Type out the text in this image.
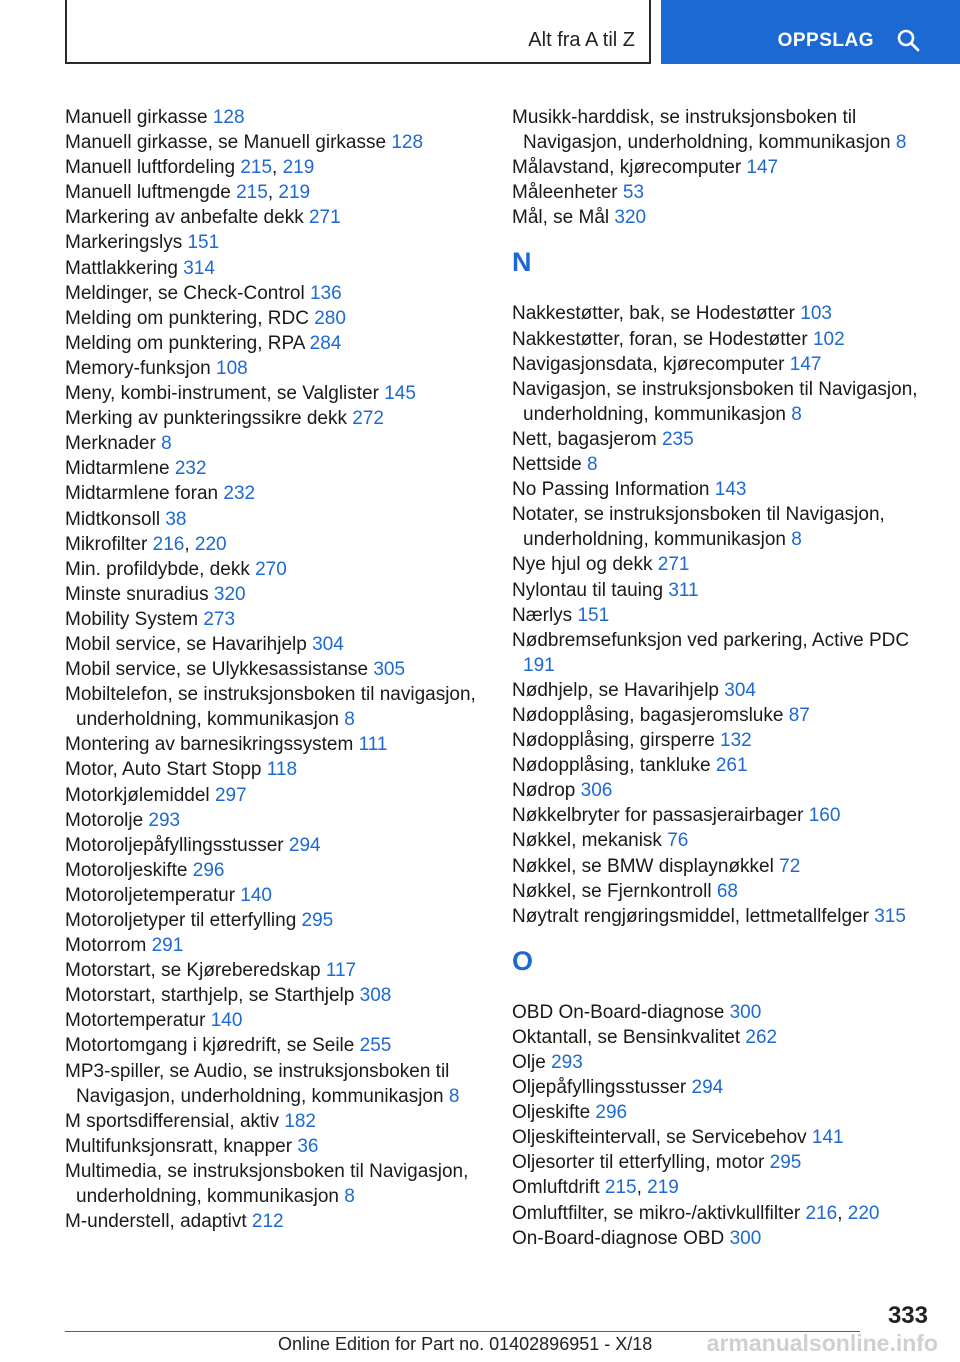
Alt fra A til Z	OPPSLAG
Manuell girkasse 128
Manuell girkasse, se Manuell girkasse 128
Manuell luftfordeling 215, 219
Manuell luftmengde 215, 219
Markering av anbefalte dekk 271
Markeringslys 151
Mattlakkering 314
Meldinger, se Check-Control 136
Melding om punktering, RDC 280
Melding om punktering, RPA 284
Memory-funksjon 108
Meny, kombi-instrument, se Valglister 145
Merking av punkteringssikre dekk 272
Merknader 8
Midtarmlene 232
Midtarmlene foran 232
Midtkonsoll 38
Mikrofilter 216, 220
Min. profildybde, dekk 270
Minste snuradius 320
Mobility System 273
Mobil service, se Havarihjelp 304
Mobil service, se Ulykkesassistanse 305
Mobiltelefon, se instruksjonsboken til navigasjon, underholdning, kommunikasjon 8
Montering av barnesikringssystem 111
Motor, Auto Start Stopp 118
Motorkjølemiddel 297
Motorolje 293
Motoroljepåfyllingsstusser 294
Motoroljeskifte 296
Motoroljetemperatur 140
Motoroljetyper til etterfylling 295
Motorrom 291
Motorstart, se Kjøreberedskap 117
Motorstart, starthjelp, se Starthjelp 308
Motortemperatur 140
Motortomgang i kjøredrift, se Seile 255
MP3-spiller, se Audio, se instruksjonsboken til Navigasjon, underholdning, kommunikasjon 8
M sportsdifferensial, aktiv 182
Multifunksjonsratt, knapper 36
Multimedia, se instruksjonsboken til Navigasjon, underholdning, kommunikasjon 8
M-understell, adaptivt 212
Musikk-harddisk, se instruksjonsboken til Navigasjon, underholdning, kommunikasjon 8
Målavstand, kjørecomputer 147
Måleenheter 53
Mål, se Mål 320
N
Nakkestøtter, bak, se Hodestøtter 103
Nakkestøtter, foran, se Hodestøtter 102
Navigasjonsdata, kjørecomputer 147
Navigasjon, se instruksjonsboken til Navigasjon, underholdning, kommunikasjon 8
Nett, bagasjerom 235
Nettside 8
No Passing Information 143
Notater, se instruksjonsboken til Navigasjon, underholdning, kommunikasjon 8
Nye hjul og dekk 271
Nylontau til tauing 311
Nærlys 151
Nødbremsefunksjon ved parkering, Active PDC 191
Nødhjelp, se Havarihjelp 304
Nødopplåsing, bagasjeromsluke 87
Nødopplåsing, girsperre 132
Nødopplåsing, tankluke 261
Nødrop 306
Nøkkelbryter for passasjerairbager 160
Nøkkel, mekanisk 76
Nøkkel, se BMW displaynøkkel 72
Nøkkel, se Fjernkontroll 68
Nøytralt rengjøringsmiddel, lettmetallfelger 315
O
OBD On-Board-diagnose 300
Oktantall, se Bensinkvalitet 262
Olje 293
Oljepåfyllingsstusser 294
Oljeskifte 296
Oljeskifteintervall, se Servicebehov 141
Oljesorter til etterfylling, motor 295
Omluftdrift 215, 219
Omluftfilter, se mikro-/aktivkullfilter 216, 220
On-Board-diagnose OBD 300
333
Online Edition for Part no. 01402896951 - X/18 armanualsonline.info
